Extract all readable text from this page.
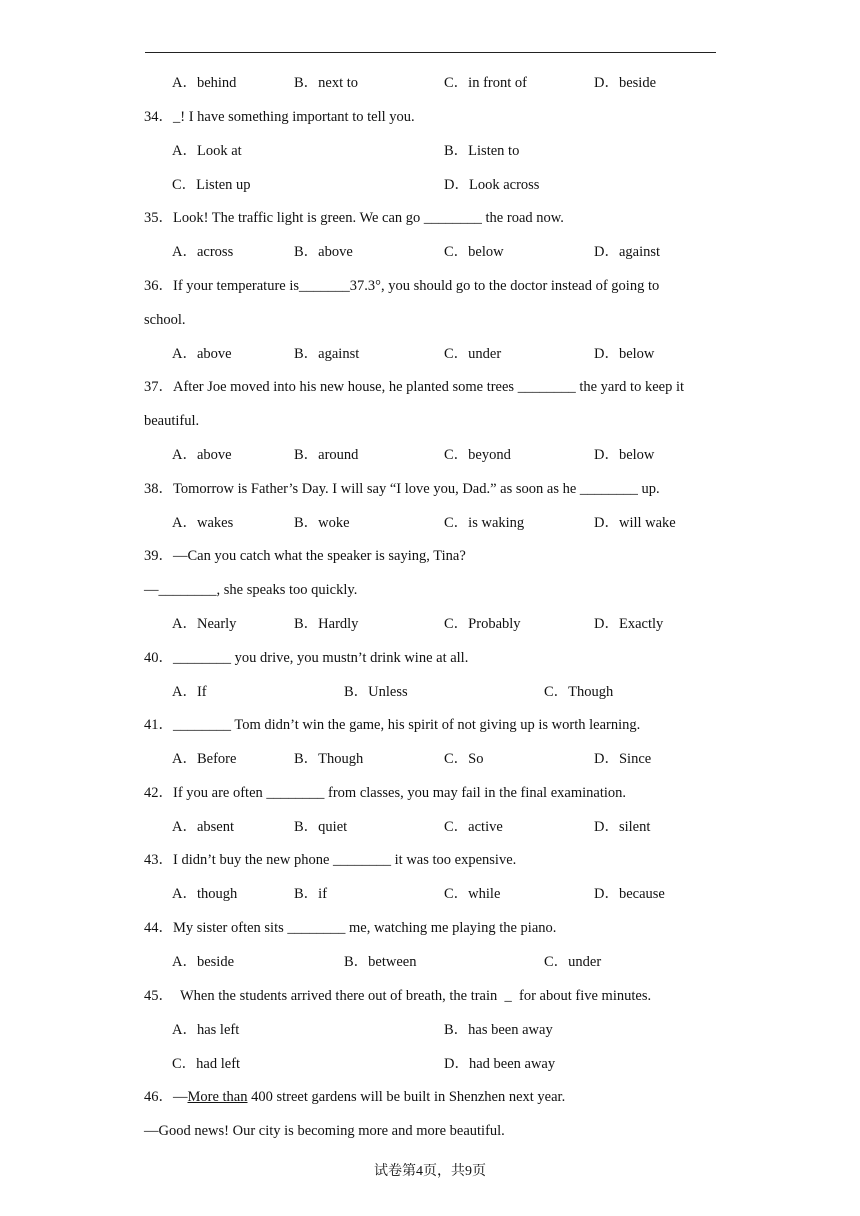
A．behind	B．next to	C．in front of	D．beside
34．_! I have something important to tell you.
A．Look at	B．Listen to
C．Listen up	D．Look across
35．Look! The traffic light is green. We can go ________ the road now.
A．across	B．above	C．below	D．against
36．If your temperature is_______37.3°, you should go to the doctor instead of going to
school.
A．above	B．against	C．under	D．below
37．After Joe moved into his new house, he planted some trees ________ the yard to keep it
beautiful.
A．above	B．around	C．beyond	D．below
38．Tomorrow is Father’s Day. I will say “I love you, Dad.” as soon as he ________ up.
A．wakes	B．woke	C．is waking	D．will wake
39．—Can you catch what the speaker is saying, Tina?
—________, she speaks too quickly.
A．Nearly	B．Hardly	C．Probably	D．Exactly
40．________ you drive, you mustn’t drink wine at all.
A．If	B．Unless	C．Though
41．________ Tom didn’t win the game, his spirit of not giving up is worth learning.
A．Before	B．Though	C．So	D．Since
42．If you are often ________ from classes, you may fail in the final examination.
A．absent	B．quiet	C．active	D．silent
43．I didn’t buy the new phone ________ it was too expensive.
A．though	B．if	C．while	D．because
44．My sister often sits ________ me, watching me playing the piano.
A．beside	B．between	C．under
45．  When the students arrived there out of breath, the train  _  for about five minutes.
A．has left	B．has been away
C．had left	D．had been away
46．—More than 400 street gardens will be built in Shenzhen next year.
—Good news! Our city is becoming more and more beautiful.
试卷第4页，共9页
